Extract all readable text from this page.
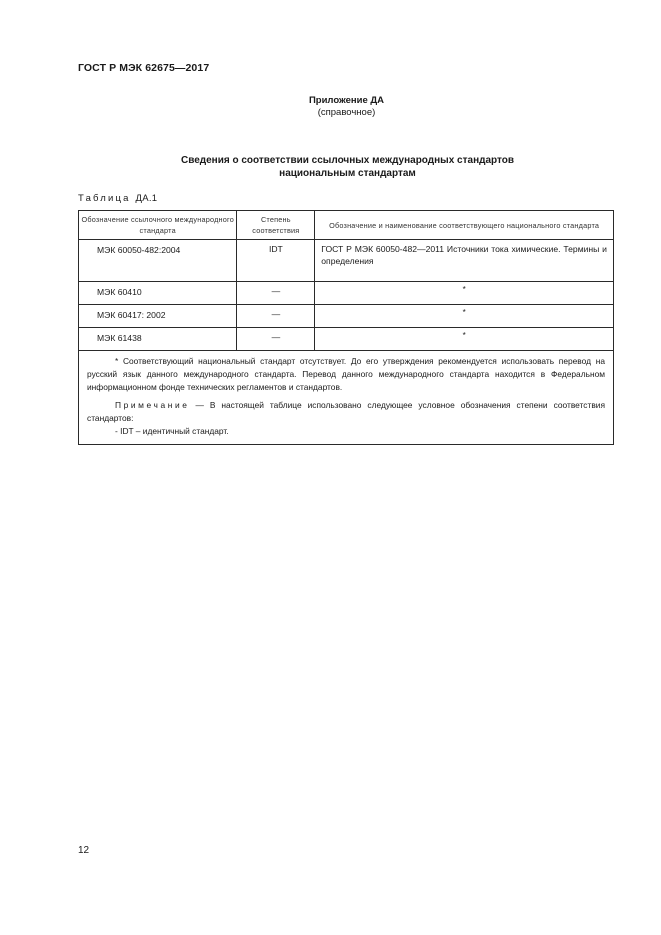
ГОСТ Р МЭК 62675—2017
Приложение ДА
(справочное)
Сведения о соответствии ссылочных международных стандартов
национальным стандартам
Таблица ДА.1
Обозначение ссылочного международного стандарта	Степень соответствия	Обозначение и наименование соответствующего национального стандарта
МЭК 60050-482:2004	IDT	ГОСТ Р МЭК 60050-482—2011 Источники тока химические. Термины и определения
МЭК 60410	—	*
МЭК 60417: 2002	—	*
МЭК 61438	—	*

* Соответствующий национальный стандарт отсутствует. До его утверждения рекомендуется использовать перевод на русский язык данного международного стандарта. Перевод данного международного стандарта находится в Федеральном информационном фонде технических регламентов и стандартов.

Примечание — В настоящей таблице использовано следующее условное обозначения степени соответствия стандартов:

- IDT – идентичный стандарт.		

12
